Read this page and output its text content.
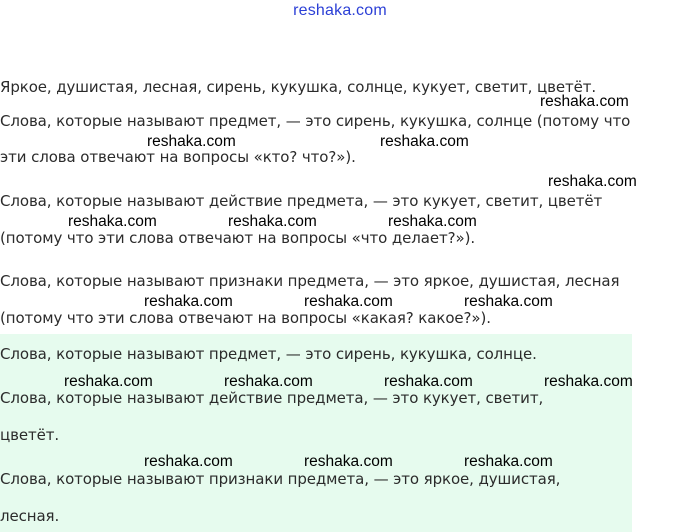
reshaka.com
Яркое, душистая, лесная, сирень, кукушка, солнце, кукует, светит, цветёт.
reshaka.com
Слова, которые называют предмет, — это сирень, кукушка, солнце (потому что
reshaka.com	reshaka.com
эти слова отвечают на вопросы «кто? что?»).
reshaka.com
Слова, которые называют действие предмета, — это кукует, светит, цветёт
reshaka.com	reshaka.com	reshaka.com
(потому что эти слова отвечают на вопросы «что делает?»).
Слова, которые называют признаки предмета, — это яркое, душистая, лесная
reshaka.com	reshaka.com	reshaka.com
(потому что эти слова отвечают на вопросы «какая? какое?»).
Слова, которые называют предмет, — это сирень, кукушка, солнце.
reshaka.com	reshaka.com	reshaka.com	reshaka.com
Слова, которые называют действие предмета, — это кукует, светит,
цветёт.
reshaka.com	reshaka.com	reshaka.com
Слова, которые называют признаки предмета, — это яркое, душистая,
лесная.
